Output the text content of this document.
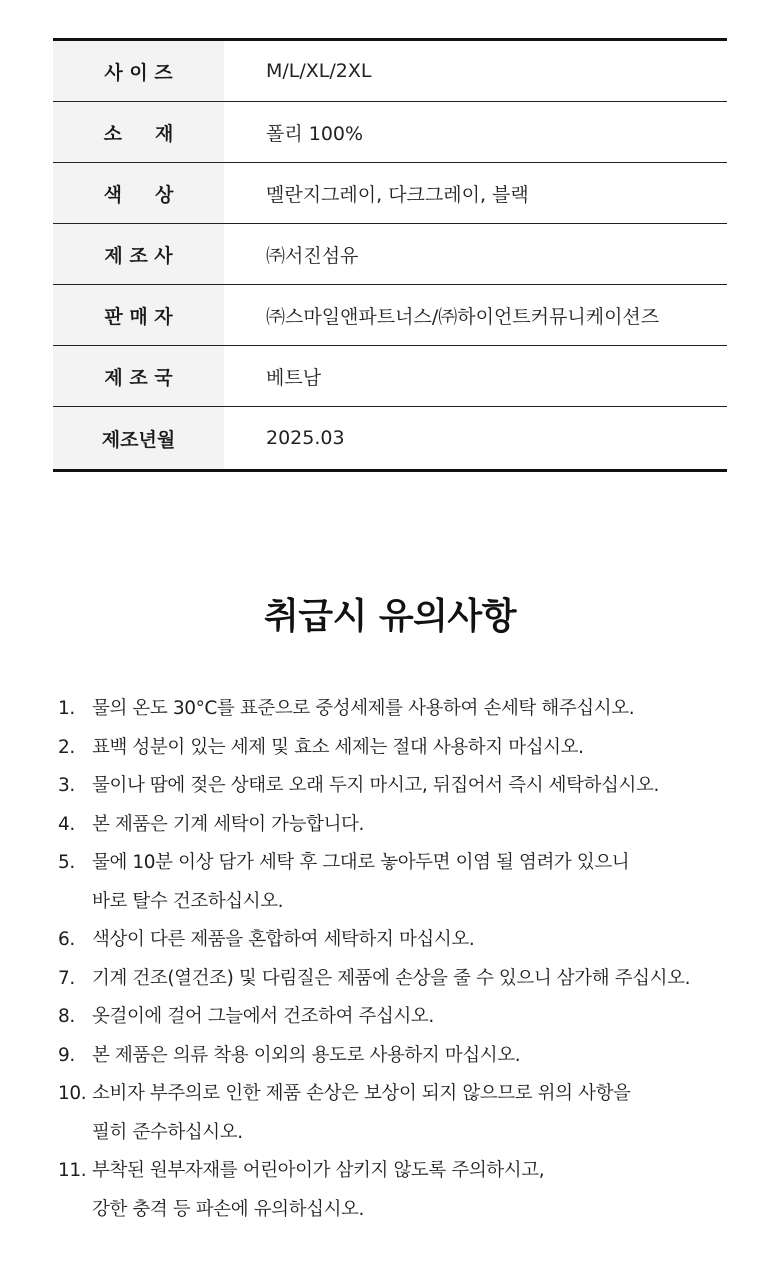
사 이 즈	M/L/XL/2XL
소     재	폴리 100%
색     상	멜란지그레이, 다크그레이, 블랙
제 조 사	㈜서진섬유
판 매 자	㈜스마일앤파트너스/㈜하이언트커뮤니케이션즈
제 조 국	베트남
제조년월	2025.03
취급시 유의사항
1. 물의 온도 30°C를 표준으로 중성세제를 사용하여 손세탁 해주십시오.
2. 표백 성분이 있는 세제 및 효소 세제는 절대 사용하지 마십시오.
3. 물이나 땀에 젖은 상태로 오래 두지 마시고, 뒤집어서 즉시 세탁하십시오.
4. 본 제품은 기계 세탁이 가능합니다.
5. 물에 10분 이상 담가 세탁 후 그대로 놓아두면 이염 될 염려가 있으니
바로 탈수 건조하십시오.
6. 색상이 다른 제품을 혼합하여 세탁하지 마십시오.
7. 기계 건조(열건조) 및 다림질은 제품에 손상을 줄 수 있으니 삼가해 주십시오.
8. 옷걸이에 걸어 그늘에서 건조하여 주십시오.
9. 본 제품은 의류 착용 이외의 용도로 사용하지 마십시오.
10. 소비자 부주의로 인한 제품 손상은 보상이 되지 않으므로 위의 사항을
필히 준수하십시오.
11. 부착된 원부자재를 어린아이가 삼키지 않도록 주의하시고,
강한 충격 등 파손에 유의하십시오.
